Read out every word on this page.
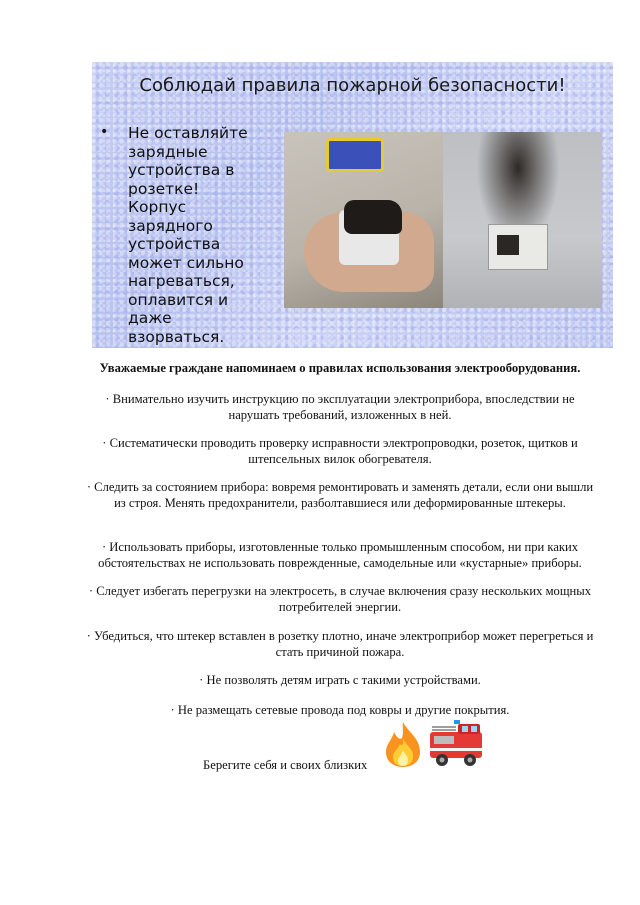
Соблюдай правила пожарной безопасности!
• Не оставляйте
зарядные
устройства в
розетке!
Корпус
зарядного
устройства
может сильно
нагреваться,
оплавится и
даже
взорваться.
Уважаемые граждане напоминаем о правилах использования электрооборудования.
· Внимательно изучить инструкцию по эксплуатации электроприбора, впоследствии не нарушать требований, изложенных в ней.
· Систематически проводить проверку исправности электропроводки, розеток, щитков и штепсельных вилок обогревателя.
· Следить за состоянием прибора: вовремя ремонтировать и заменять детали, если они вышли из строя. Менять предохранители, разболтавшиеся или деформированные штекеры.
· Использовать приборы, изготовленные только промышленным способом, ни при каких обстоятельствах не использовать поврежденные, самодельные или «кустарные» приборы.
· Следует избегать перегрузки на электросеть, в случае включения сразу нескольких мощных потребителей энергии.
· Убедиться, что штекер вставлен в розетку плотно, иначе электроприбор может перегреться и стать причиной пожара.
· Не позволять детям играть с такими устройствами.
· Не размещать сетевые провода под ковры и другие покрытия.
Берегите себя и своих близких
